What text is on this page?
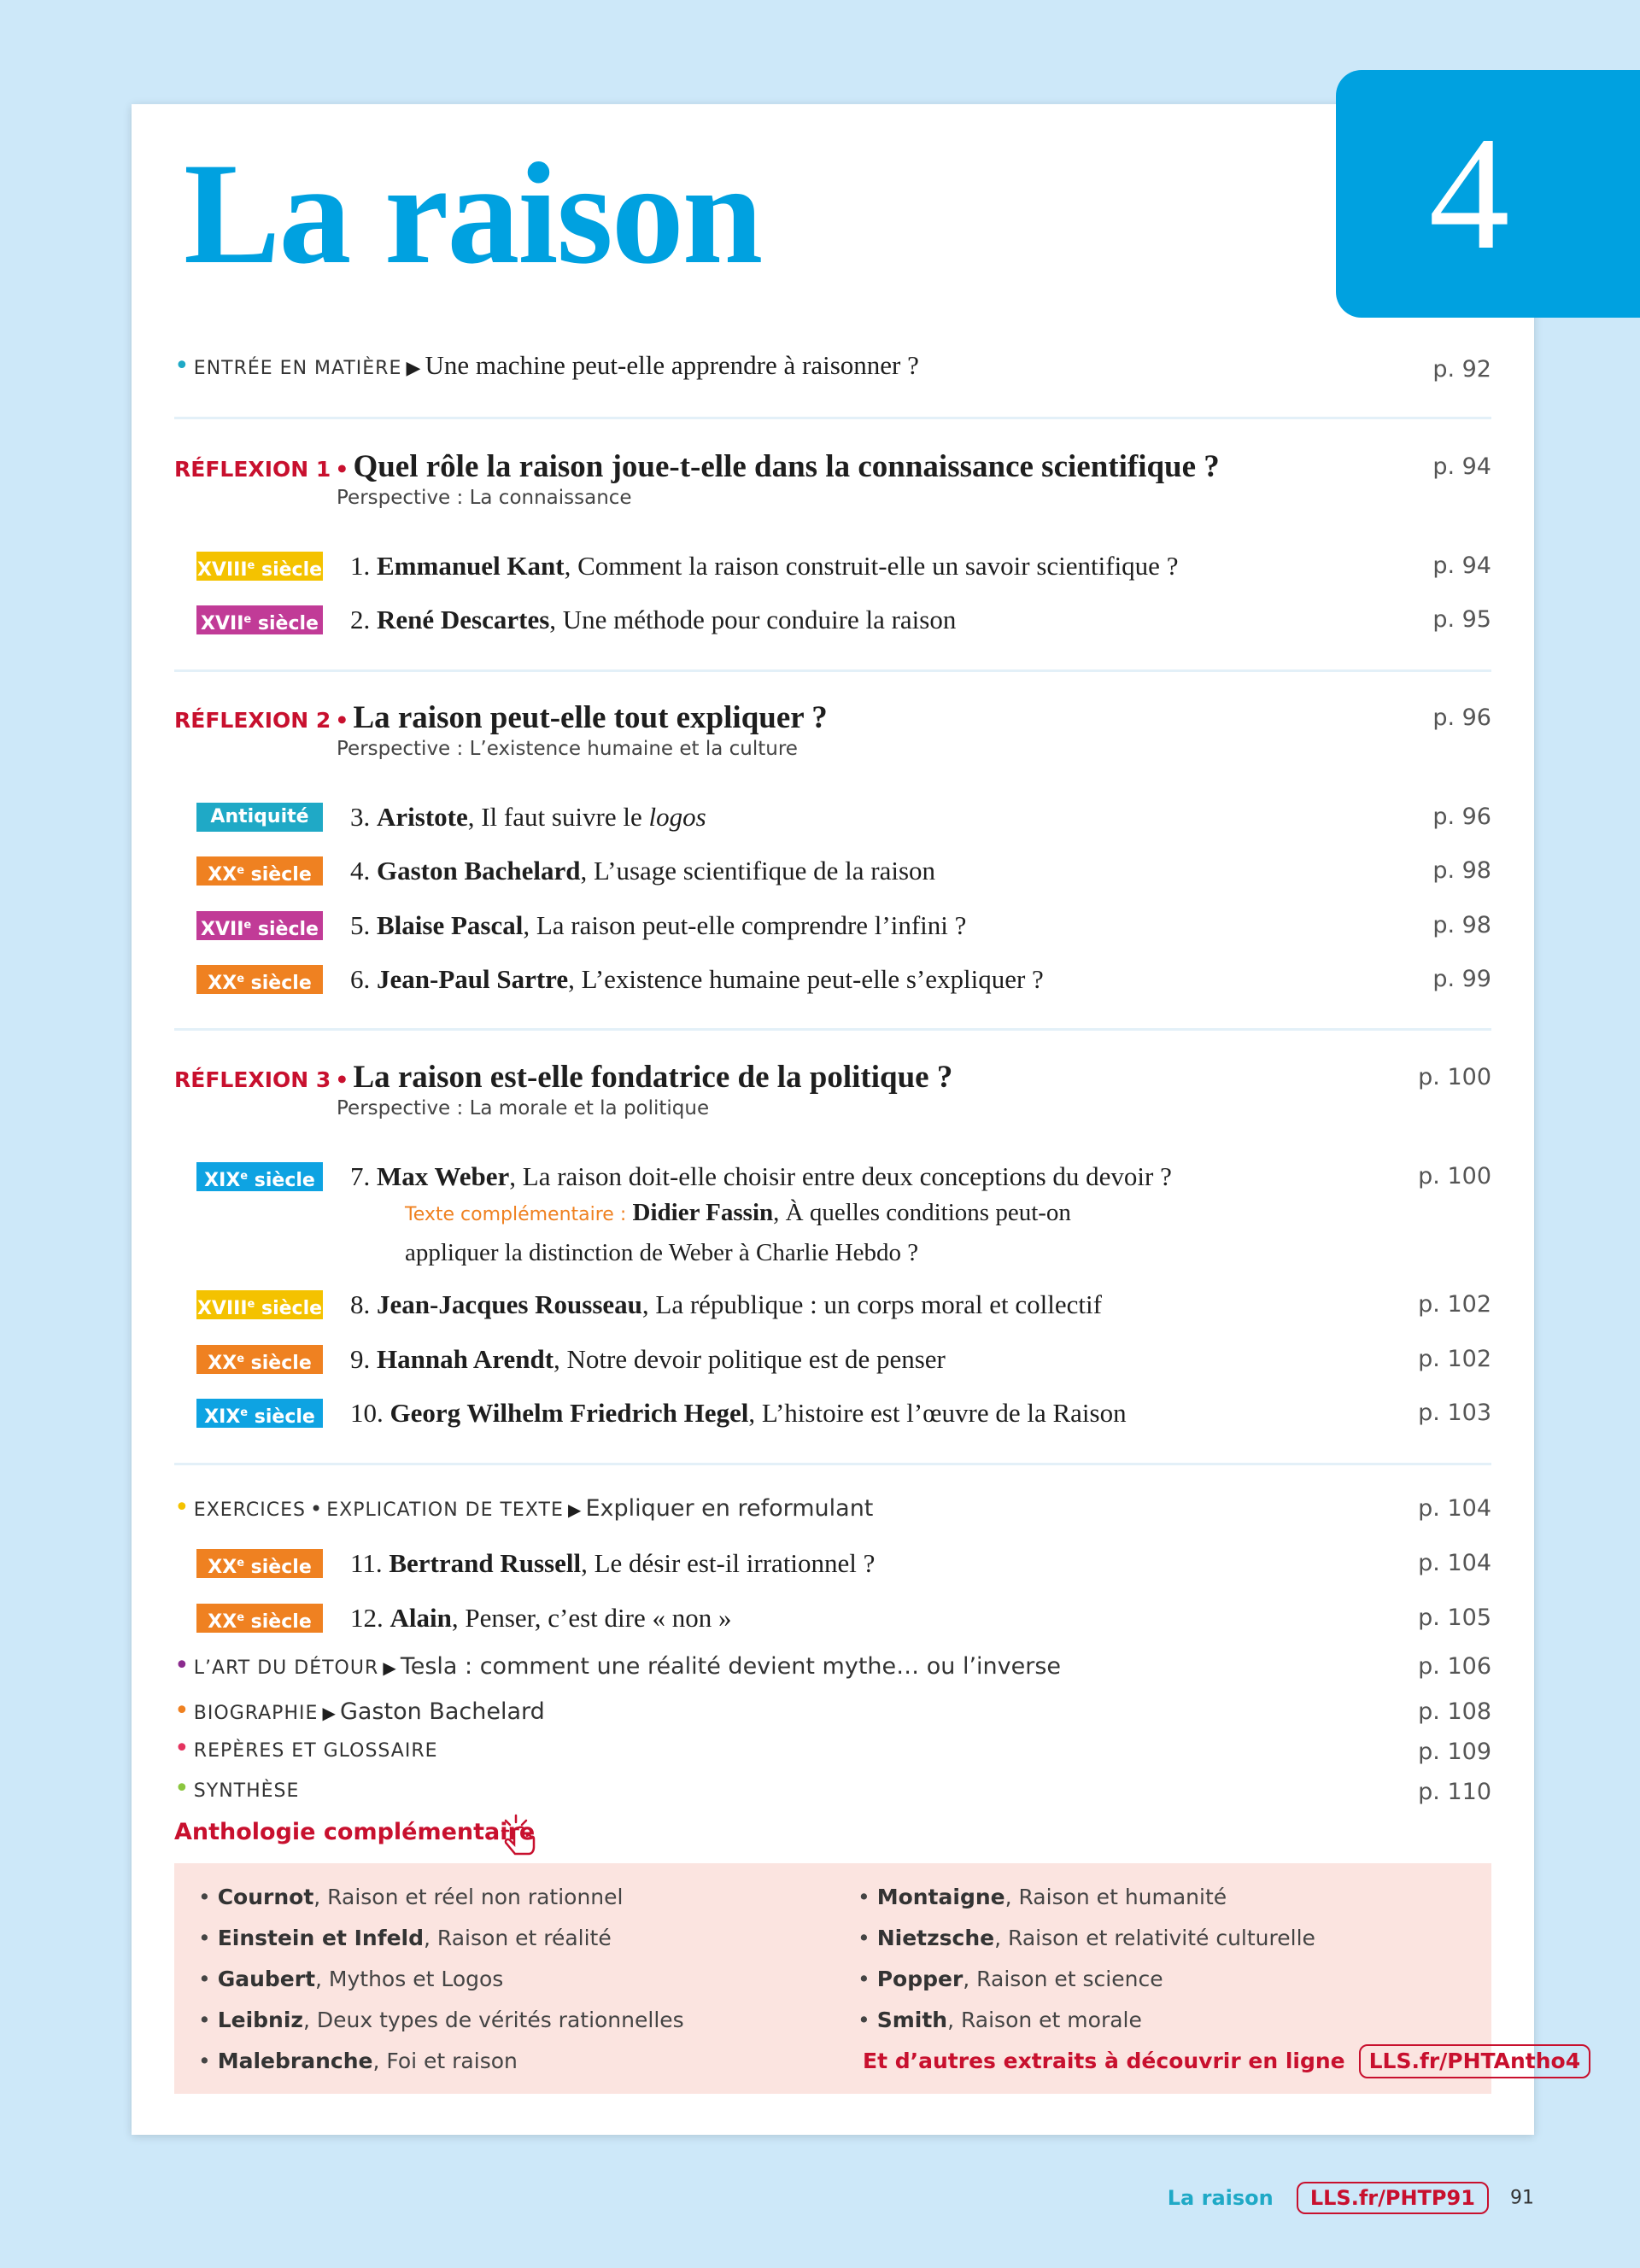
4
La raison
• ENTRÉE EN MATIÈRE ▶ Une machine peut-elle apprendre à raisonner ?	p. 92
RÉFLEXION 1 • Quel rôle la raison joue-t-elle dans la connaissance scientifique ?
Perspective : La connaissance
p. 94
XVIIIe siècle 1. Emmanuel Kant, Comment la raison construit-elle un savoir scientifique ?	p. 94
XVIIe siècle 2. René Descartes, Une méthode pour conduire la raison	p. 95
RÉFLEXION 2 • La raison peut-elle tout expliquer ?
Perspective : L’existence humaine et la culture
p. 96
Antiquité	3. Aristote, Il faut suivre le logos	p. 96
XXe siècle	4. Gaston Bachelard, L’usage scientifique de la raison	p. 98
XVIIe siècle 5. Blaise Pascal, La raison peut-elle comprendre l’infini ?	p. 98
XXe siècle	6. Jean-Paul Sartre, L’existence humaine peut-elle s’expliquer ?	p. 99
RÉFLEXION 3 • La raison est-elle fondatrice de la politique ?
Perspective : La morale et la politique
p. 100
XIXe siècle 7. Max Weber, La raison doit-elle choisir entre deux conceptions du devoir ?	p. 100
Texte complémentaire : Didier Fassin, À quelles conditions peut-on
appliquer la distinction de Weber à Charlie Hebdo ?
XVIIIe siècle 8. Jean-Jacques Rousseau, La république : un corps moral et collectif	p. 102
XXe siècle	9. Hannah Arendt, Notre devoir politique est de penser	p. 102
XIXe siècle 10. Georg Wilhelm Friedrich Hegel, L’histoire est l’œuvre de la Raison	p. 103
• EXERCICES • EXPLICATION DE TEXTE ▶ Expliquer en reformulant	p. 104
XXe siècle	11. Bertrand Russell, Le désir est-il irrationnel ?	p. 104
XXe siècle	12. Alain, Penser, c’est dire « non »	p. 105
• L’ART DU DÉTOUR ▶ Tesla : comment une réalité devient mythe… ou l’inverse	p. 106
• BIOGRAPHIE ▶ Gaston Bachelard	p. 108
• REPÈRES ET GLOSSAIRE	p. 109
• SYNTHÈSE	p. 110
Anthologie complémentaire
• Cournot, Raison et réel non rationnel
• Einstein et Infeld, Raison et réalité
• Gaubert, Mythos et Logos
• Leibniz, Deux types de vérités rationnelles
• Malebranche, Foi et raison
• Montaigne, Raison et humanité
• Nietzsche, Raison et relativité culturelle
• Popper, Raison et science
• Smith, Raison et morale
Et d’autres extraits à découvrir en ligne LLS.fr/PHTAntho4
La raison LLS.fr/PHTP91 91
